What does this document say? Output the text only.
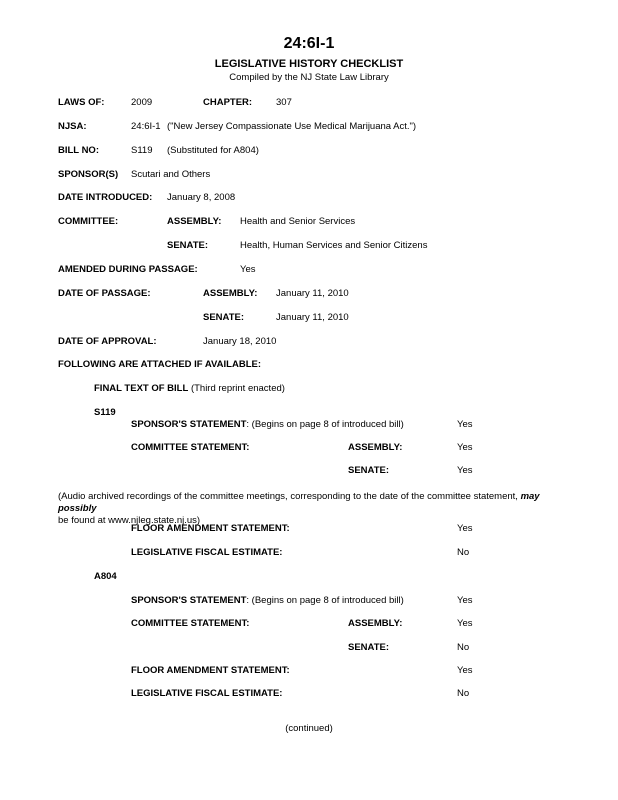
24:6I-1
LEGISLATIVE HISTORY CHECKLIST
Compiled by the NJ State Law Library
LAWS OF:	2009	CHAPTER:	307
NJSA:	24:6I-1 ("New Jersey Compassionate Use Medical Marijuana Act.")
BILL NO:	S119 (Substituted for A804)
SPONSOR(S) Scutari and Others
DATE INTRODUCED: January 8, 2008
COMMITTEE:	ASSEMBLY: Health and Senior Services
SENATE:	Health, Human Services and Senior Citizens
AMENDED DURING PASSAGE:	Yes
DATE OF PASSAGE:	ASSEMBLY: January 11, 2010
SENATE:	January 11, 2010
DATE OF APPROVAL:	January 18, 2010
FOLLOWING ARE ATTACHED IF AVAILABLE:
FINAL TEXT OF BILL (Third reprint enacted)
S119
SPONSOR'S STATEMENT: (Begins on page 8 of introduced bill)	Yes
COMMITTEE STATEMENT:	ASSEMBLY:	Yes
SENATE:	Yes
(Audio archived recordings of the committee meetings, corresponding to the date of the committee statement, may possibly
be found at www.njleg.state.nj.us)
FLOOR AMENDMENT STATEMENT:	Yes
LEGISLATIVE FISCAL ESTIMATE:	No
A804
SPONSOR'S STATEMENT: (Begins on page 8 of introduced bill)	Yes
COMMITTEE STATEMENT:	ASSEMBLY:	Yes
SENATE:	No
FLOOR AMENDMENT STATEMENT:	Yes
LEGISLATIVE FISCAL ESTIMATE:	No
(continued)
